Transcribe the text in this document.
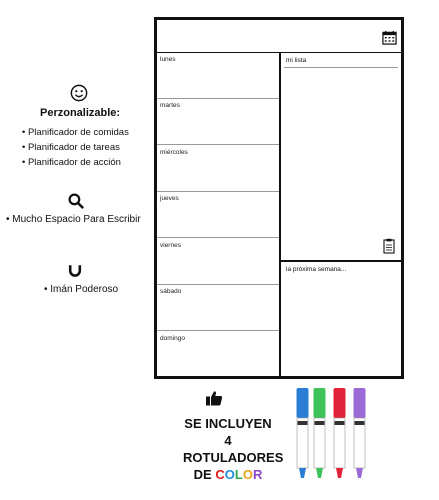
Perzonalizable:
• Planificador de comidas
• Planificador de tareas
• Planificador de acción
• Mucho Espacio Para Escribir
• Imán Poderoso
lunes
martes
miércoles
jueves
viernes
sábado
domingo
mi lista
la próxima semana...
SE INCLUYEN
4 ROTULADORES
DE COLOR
